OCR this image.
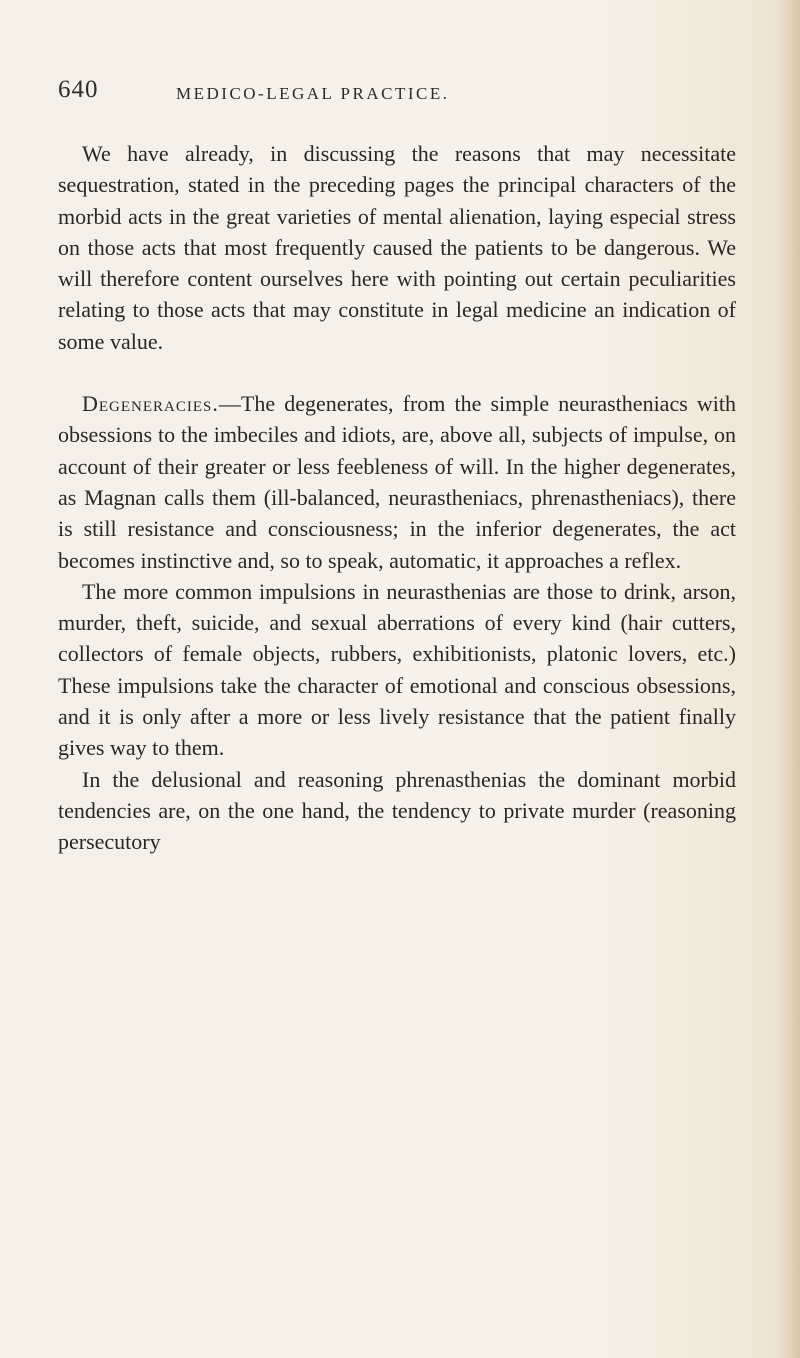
640	MEDICO-LEGAL PRACTICE.

We have already, in discussing the reasons that may necessitate sequestration, stated in the preceding pages the principal characters of the morbid acts in the great varieties of mental alienation, laying especial stress on those acts that most frequently caused the patients to be dangerous. We will therefore content ourselves here with pointing out certain peculiarities relating to those acts that may constitute in legal medicine an indication of some value.

Degeneracies.—The degenerates, from the simple neurastheniacs with obsessions to the imbeciles and idiots, are, above all, subjects of impulse, on account of their greater or less feebleness of will. In the higher degenerates, as Magnan calls them (ill-balanced, neurastheniacs, phrenastheniacs), there is still resistance and consciousness; in the inferior degenerates, the act becomes instinctive and, so to speak, automatic, it approaches a reflex.

The more common impulsions in neurasthenias are those to drink, arson, murder, theft, suicide, and sexual aberrations of every kind (hair cutters, collectors of female objects, rubbers, exhibitionists, platonic lovers, etc.) These impulsions take the character of emotional and conscious obsessions, and it is only after a more or less lively resistance that the patient finally gives way to them.

In the delusional and reasoning phrenasthenias the dominant morbid tendencies are, on the one hand, the tendency to private murder (reasoning persecutory
